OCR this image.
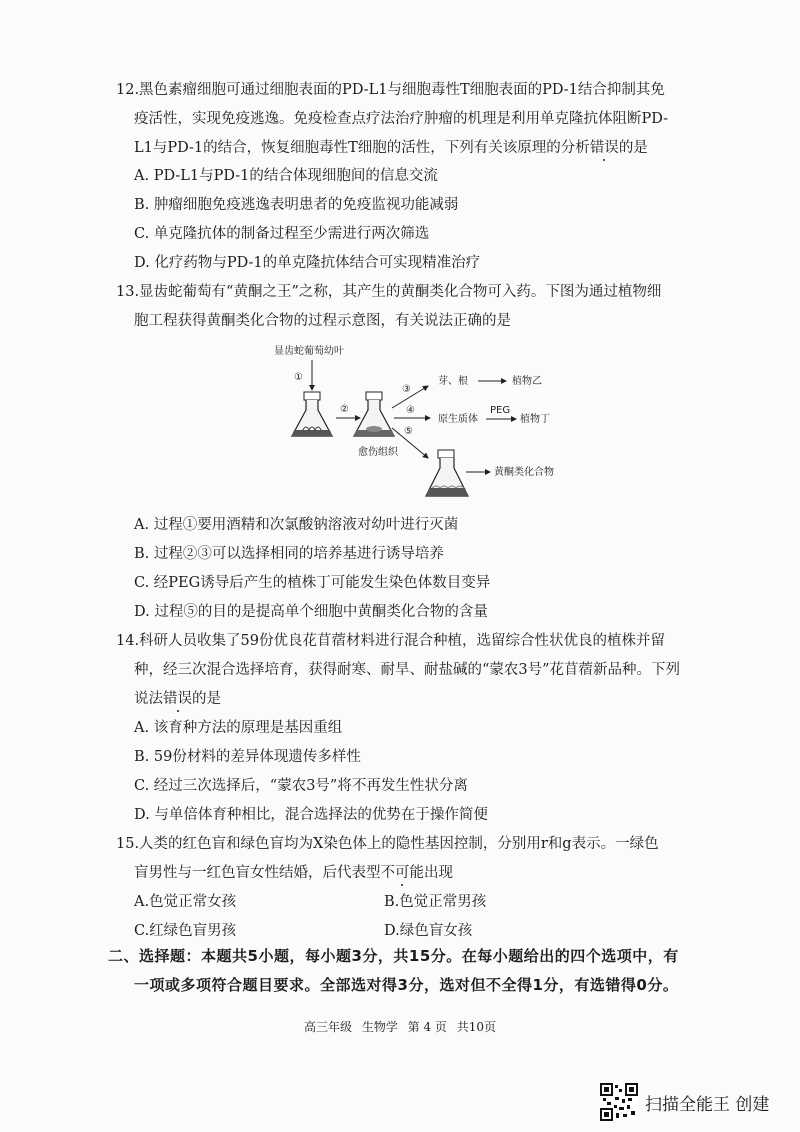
12.黑色素瘤细胞可通过细胞表面的PD-L1与细胞毒性T细胞表面的PD-1结合抑制其免
疫活性，实现免疫逃逸。免疫检查点疗法治疗肿瘤的机理是利用单克隆抗体阻断PD-
L1与PD-1的结合，恢复细胞毒性T细胞的活性，下列有关该原理的分析错误的是
A. PD-L1与PD-1的结合体现细胞间的信息交流
B. 肿瘤细胞免疫逃逸表明患者的免疫监视功能减弱
C. 单克隆抗体的制备过程至少需进行两次筛选
D. 化疗药物与PD-1的单克隆抗体结合可实现精准治疗
13.显齿蛇葡萄有“黄酮之王”之称，其产生的黄酮类化合物可入药。下图为通过植物细
胞工程获得黄酮类化合物的过程示意图，有关说法正确的是
显齿蛇葡萄幼叶
①
②
愈伤组织
③
④
⑤
芽、根	植物乙
原生质体
PEG
植物丁
黄酮类化合物
A. 过程①要用酒精和次氯酸钠溶液对幼叶进行灭菌
B. 过程②③可以选择相同的培养基进行诱导培养
C. 经PEG诱导后产生的植株丁可能发生染色体数目变异
D. 过程⑤的目的是提高单个细胞中黄酮类化合物的含量
14.科研人员收集了59份优良花苜蓿材料进行混合种植，选留综合性状优良的植株并留
种，经三次混合选择培育，获得耐寒、耐旱、耐盐碱的“蒙农3号”花苜蓿新品种。下列
说法错误的是
A. 该育种方法的原理是基因重组
B. 59份材料的差异体现遗传多样性
C. 经过三次选择后，“蒙农3号”将不再发生性状分离
D. 与单倍体育种相比，混合选择法的优势在于操作简便
15.人类的红色盲和绿色盲均为X染色体上的隐性基因控制，分别用r和g表示。一绿色
盲男性与一红色盲女性结婚，后代表型不可能出现
A.色觉正常女孩	B.色觉正常男孩
C.红绿色盲男孩	D.绿色盲女孩
二、选择题：本题共5小题，每小题3分，共15分。在每小题给出的四个选项中，有
一项或多项符合题目要求。全部选对得3分，选对但不全得1分，有选错得0分。
高三年级 生物学 第 4 页 共10页
扫描全能王 创建
